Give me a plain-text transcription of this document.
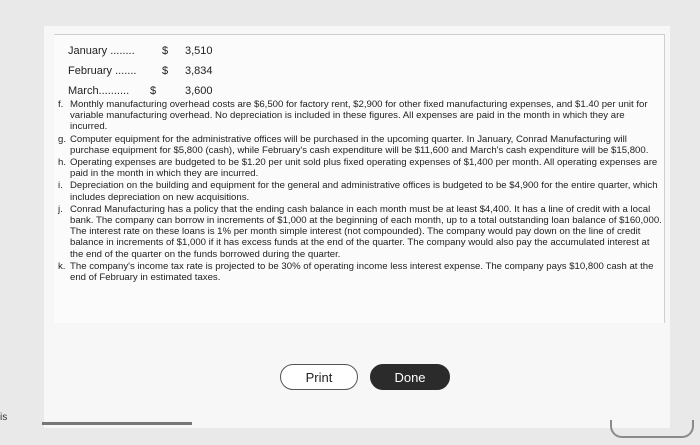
January ........ $ 3,510
February ....... $ 3,834
March.......... $	3,600
f. Monthly manufacturing overhead costs are $6,500 for factory rent, $2,900 for other fixed manufacturing expenses, and $1.40 per unit for variable manufacturing overhead. No depreciation is included in these figures. All expenses are paid in the month in which they are incurred.
g. Computer equipment for the administrative offices will be purchased in the upcoming quarter. In January, Conrad Manufacturing will purchase equipment for $5,800 (cash), while February's cash expenditure will be $11,600 and March's cash expenditure will be $15,800.
h. Operating expenses are budgeted to be $1.20 per unit sold plus fixed operating expenses of $1,400 per month. All operating expenses are paid in the month in which they are incurred.
i. Depreciation on the building and equipment for the general and administrative offices is budgeted to be $4,900 for the entire quarter, which includes depreciation on new acquisitions.
j. Conrad Manufacturing has a policy that the ending cash balance in each month must be at least $4,400. It has a line of credit with a local bank. The company can borrow in increments of $1,000 at the beginning of each month, up to a total outstanding loan balance of $160,000. The interest rate on these loans is 1% per month simple interest (not compounded). The company would pay down on the line of credit balance in increments of $1,000 if it has excess funds at the end of the quarter. The company would also pay the accumulated interest at the end of the quarter on the funds borrowed during the quarter.
k. The company's income tax rate is projected to be 30% of operating income less interest expense. The company pays $10,800 cash at the end of February in estimated taxes.
Print	Done
is
